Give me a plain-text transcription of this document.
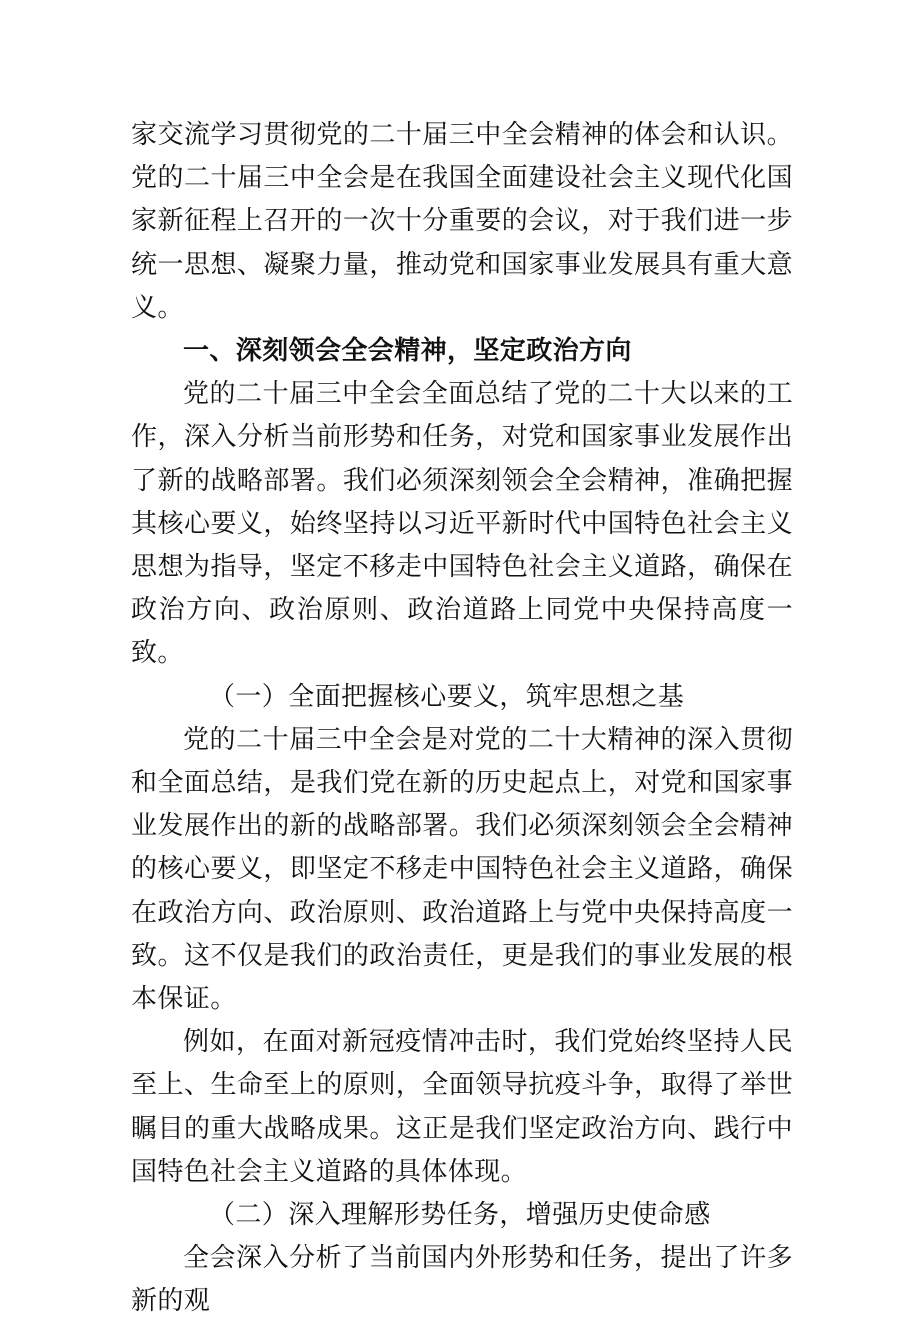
家交流学习贯彻党的二十届三中全会精神的体会和认识。党的二十届三中全会是在我国全面建设社会主义现代化国家新征程上召开的一次十分重要的会议，对于我们进一步统一思想、凝聚力量，推动党和国家事业发展具有重大意义。

一、深刻领会全会精神，坚定政治方向

党的二十届三中全会全面总结了党的二十大以来的工作，深入分析当前形势和任务，对党和国家事业发展作出了新的战略部署。我们必须深刻领会全会精神，准确把握其核心要义，始终坚持以习近平新时代中国特色社会主义思想为指导，坚定不移走中国特色社会主义道路，确保在政治方向、政治原则、政治道路上同党中央保持高度一致。

（一）全面把握核心要义，筑牢思想之基

党的二十届三中全会是对党的二十大精神的深入贯彻和全面总结，是我们党在新的历史起点上，对党和国家事业发展作出的新的战略部署。我们必须深刻领会全会精神的核心要义，即坚定不移走中国特色社会主义道路，确保在政治方向、政治原则、政治道路上与党中央保持高度一致。这不仅是我们的政治责任，更是我们的事业发展的根本保证。

例如，在面对新冠疫情冲击时，我们党始终坚持人民至上、生命至上的原则，全面领导抗疫斗争，取得了举世瞩目的重大战略成果。这正是我们坚定政治方向、践行中国特色社会主义道路的具体体现。

（二）深入理解形势任务，增强历史使命感

全会深入分析了当前国内外形势和任务，提出了许多新的观
